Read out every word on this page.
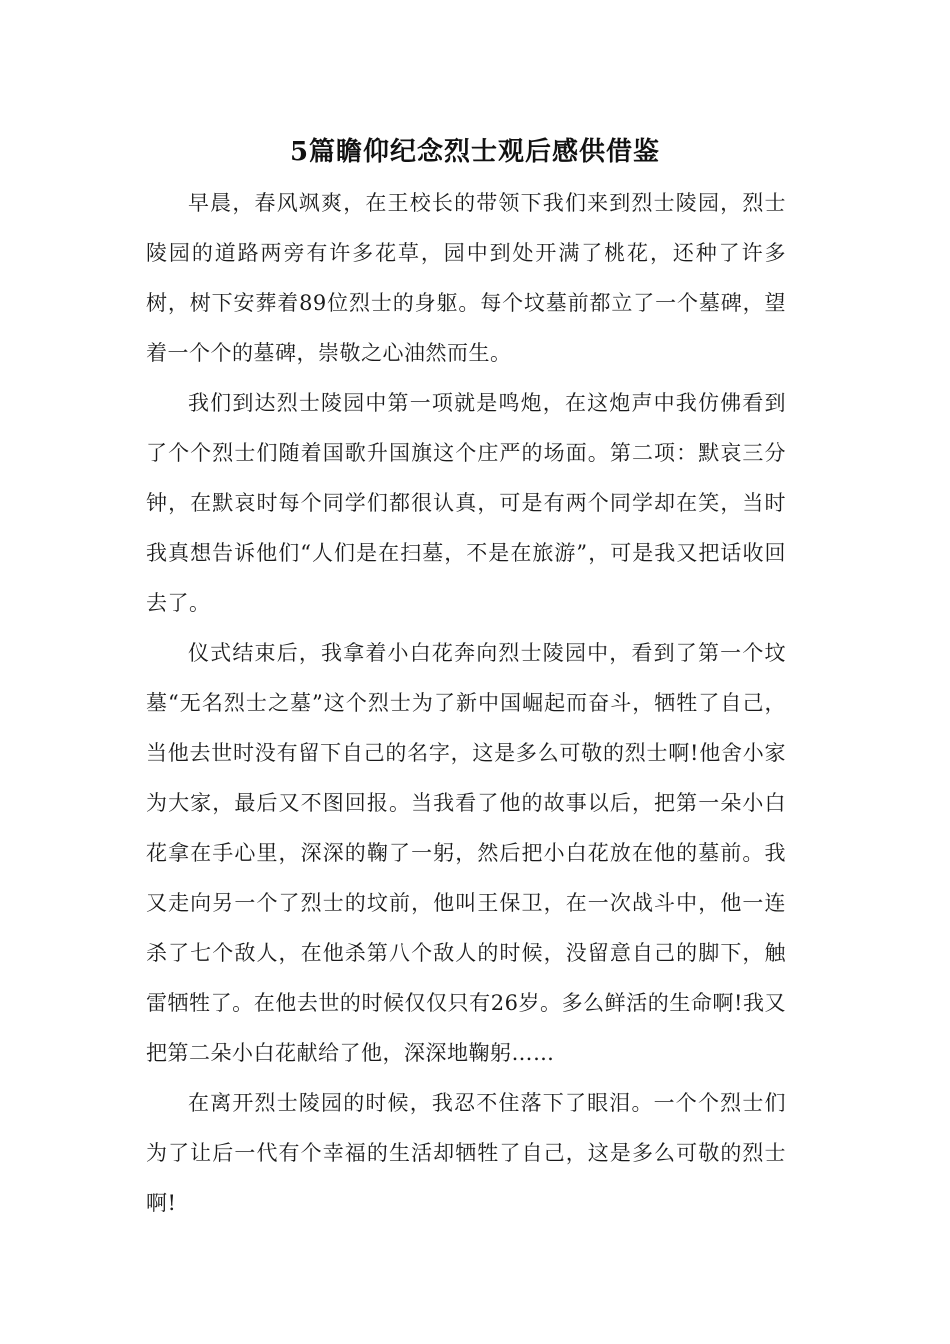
5篇瞻仰纪念烈士观后感供借鉴

早晨，春风飒爽，在王校长的带领下我们来到烈士陵园，烈士陵园的道路两旁有许多花草，园中到处开满了桃花，还种了许多树，树下安葬着89位烈士的身躯。每个坟墓前都立了一个墓碑，望着一个个的墓碑，崇敬之心油然而生。

我们到达烈士陵园中第一项就是鸣炮，在这炮声中我仿佛看到了个个烈士们随着国歌升国旗这个庄严的场面。第二项：默哀三分钟，在默哀时每个同学们都很认真，可是有两个同学却在笑，当时我真想告诉他们“人们是在扫墓，不是在旅游”，可是我又把话收回去了。

仪式结束后，我拿着小白花奔向烈士陵园中，看到了第一个坟墓“无名烈士之墓”这个烈士为了新中国崛起而奋斗，牺牲了自己，当他去世时没有留下自己的名字，这是多么可敬的烈士啊!他舍小家为大家，最后又不图回报。当我看了他的故事以后，把第一朵小白花拿在手心里，深深的鞠了一躬，然后把小白花放在他的墓前。我又走向另一个了烈士的坟前，他叫王保卫，在一次战斗中，他一连杀了七个敌人，在他杀第八个敌人的时候，没留意自己的脚下，触雷牺牲了。在他去世的时候仅仅只有26岁。多么鲜活的生命啊!我又把第二朵小白花献给了他，深深地鞠躬……

在离开烈士陵园的时候，我忍不住落下了眼泪。一个个烈士们为了让后一代有个幸福的生活却牺牲了自己，这是多么可敬的烈士啊!
